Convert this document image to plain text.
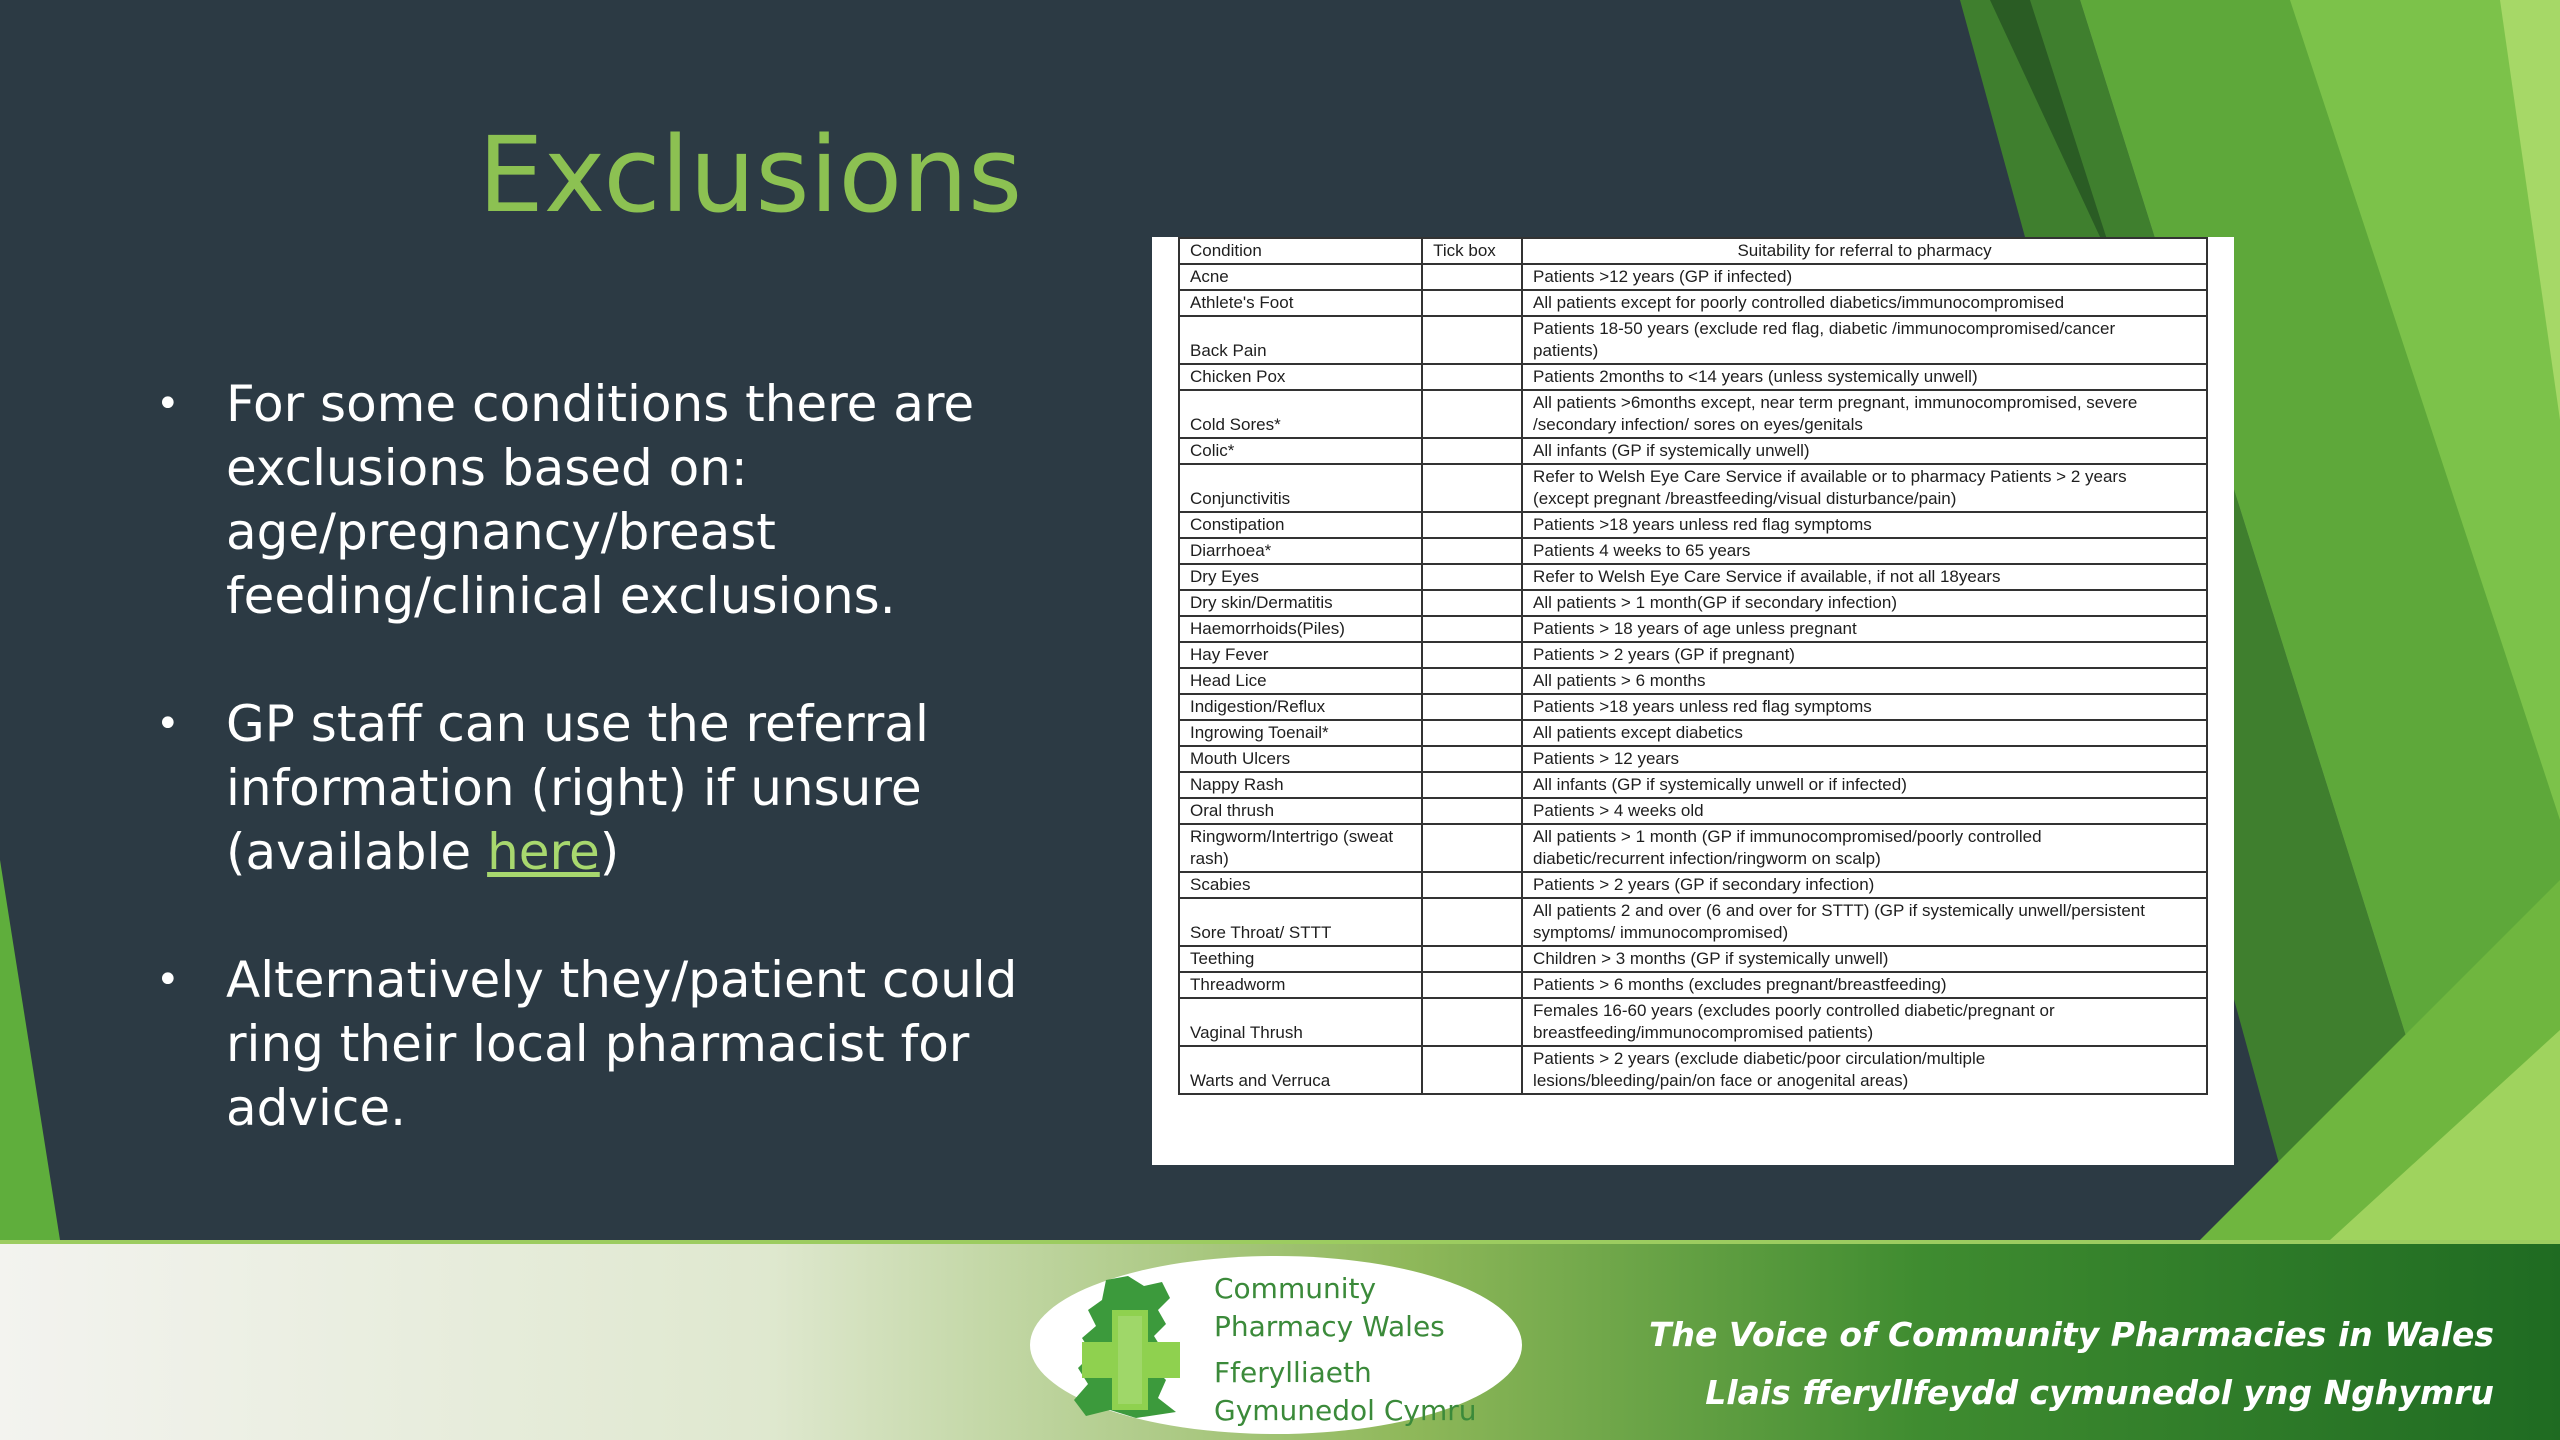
Exclusions
• For some conditions there are
exclusions based on:
age/pregnancy/breast
feeding/clinical exclusions.
• GP staff can use the referral
information (right) if unsure
(available here)
• Alternatively they/patient could
ring their local pharmacist for
advice.
Condition	Tick box	Suitability for referral to pharmacy
Acne		Patients >12 years (GP if infected)

Athlete's Foot		All patients except for poorly controlled diabetics/immunocompromised

Back Pain		Patients 18-50 years (exclude red flag, diabetic /immunocompromised/cancer
patients)

Chicken Pox		Patients 2months to <14 years (unless systemically unwell)

Cold Sores*		All patients >6months except, near term pregnant, immunocompromised, severe
/secondary infection/ sores on eyes/genitals

Colic*		All infants (GP if systemically unwell)

Conjunctivitis		Refer to Welsh Eye Care Service if available or to pharmacy Patients > 2 years
(except pregnant /breastfeeding/visual disturbance/pain)

Constipation		Patients >18 years unless red flag symptoms

Diarrhoea*		Patients 4 weeks to 65 years

Dry Eyes		Refer to Welsh Eye Care Service if available, if not all 18years

Dry skin/Dermatitis		All patients > 1 month(GP if secondary infection)

Haemorrhoids(Piles)		Patients > 18 years of age unless pregnant

Hay Fever		Patients > 2 years (GP if pregnant)

Head Lice		All patients > 6 months

Indigestion/Reflux		Patients >18 years unless red flag symptoms

Ingrowing Toenail*		All patients except diabetics

Mouth Ulcers		Patients > 12 years

Nappy Rash		All infants (GP if systemically unwell or if infected)

Oral thrush		Patients > 4 weeks old

Ringworm/Intertrigo (sweat rash)		All patients > 1 month (GP if immunocompromised/poorly controlled
diabetic/recurrent infection/ringworm on scalp)

Scabies		Patients > 2 years (GP if secondary infection)

Sore Throat/ STTT		All patients 2 and over (6 and over for STTT) (GP if systemically unwell/persistent
symptoms/ immunocompromised)

Teething		Children > 3 months (GP if systemically unwell)

Threadworm		Patients > 6 months (excludes pregnant/breastfeeding)

Vaginal Thrush		Females 16-60 years (excludes poorly controlled diabetic/pregnant or
breastfeeding/immunocompromised patients)

Warts and Verruca		Patients > 2 years (exclude diabetic/poor circulation/multiple
lesions/bleeding/pain/on face or anogenital areas)
Community
Pharmacy Wales
Fferylliaeth
Gymunedol Cymru
The Voice of Community Pharmacies in Wales
Llais fferyllfeydd cymunedol yng Nghymru
